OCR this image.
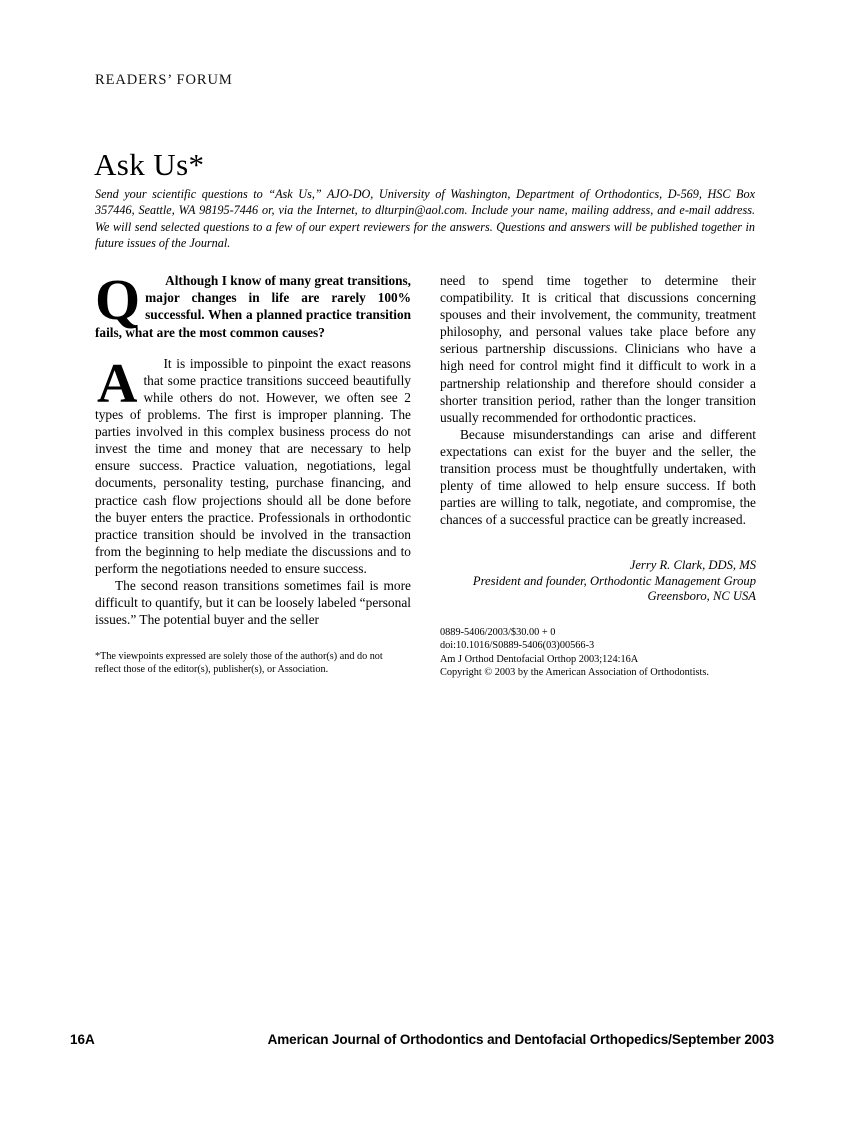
READERS’ FORUM
Ask Us*
Send your scientific questions to “Ask Us,” AJO-DO, University of Washington, Department of Orthodontics, D-569, HSC Box 357446, Seattle, WA 98195-7446 or, via the Internet, to dlturpin@aol.com. Include your name, mailing address, and e-mail address. We will send selected questions to a few of our expert reviewers for the answers. Questions and answers will be published together in future issues of the Journal.
Q	Although I know of many great transitions, major changes in life are rarely 100% successful. When a planned practice transition fails, what are the most common causes?

A	It is impossible to pinpoint the exact reasons that some practice transitions succeed beautifully while others do not. However, we often see 2 types of problems. The first is improper planning. The parties involved in this complex business process do not invest the time and money that are necessary to help ensure success. Practice valuation, negotiations, legal documents, personality testing, purchase financing, and practice cash flow projections should all be done before the buyer enters the practice. Professionals in orthodontic practice transition should be involved in the transaction from the beginning to help mediate the discussions and to perform the negotiations needed to ensure success.

The second reason transitions sometimes fail is more difficult to quantify, but it can be loosely labeled “personal issues.” The potential buyer and the seller

need to spend time together to determine their compatibility. It is critical that discussions concerning spouses and their involvement, the community, treatment philosophy, and personal values take place before any serious partnership discussions. Clinicians who have a high need for control might find it difficult to work in a partnership relationship and therefore should consider a shorter transition period, rather than the longer transition usually recommended for orthodontic practices.

Because misunderstandings can arise and different expectations can exist for the buyer and the seller, the transition process must be thoughtfully undertaken, with plenty of time allowed to help ensure success. If both parties are willing to talk, negotiate, and compromise, the chances of a successful practice can be greatly increased.

Jerry R. Clark, DDS, MS
President and founder, Orthodontic Management Group
Greensboro, NC USA
*The viewpoints expressed are solely those of the author(s) and do not reflect those of the editor(s), publisher(s), or Association.
0889-5406/2003/$30.00 + 0
doi:10.1016/S0889-5406(03)00566-3
Am J Orthod Dentofacial Orthop 2003;124:16A
Copyright © 2003 by the American Association of Orthodontists.
16A	American Journal of Orthodontics and Dentofacial Orthopedics/September 2003
